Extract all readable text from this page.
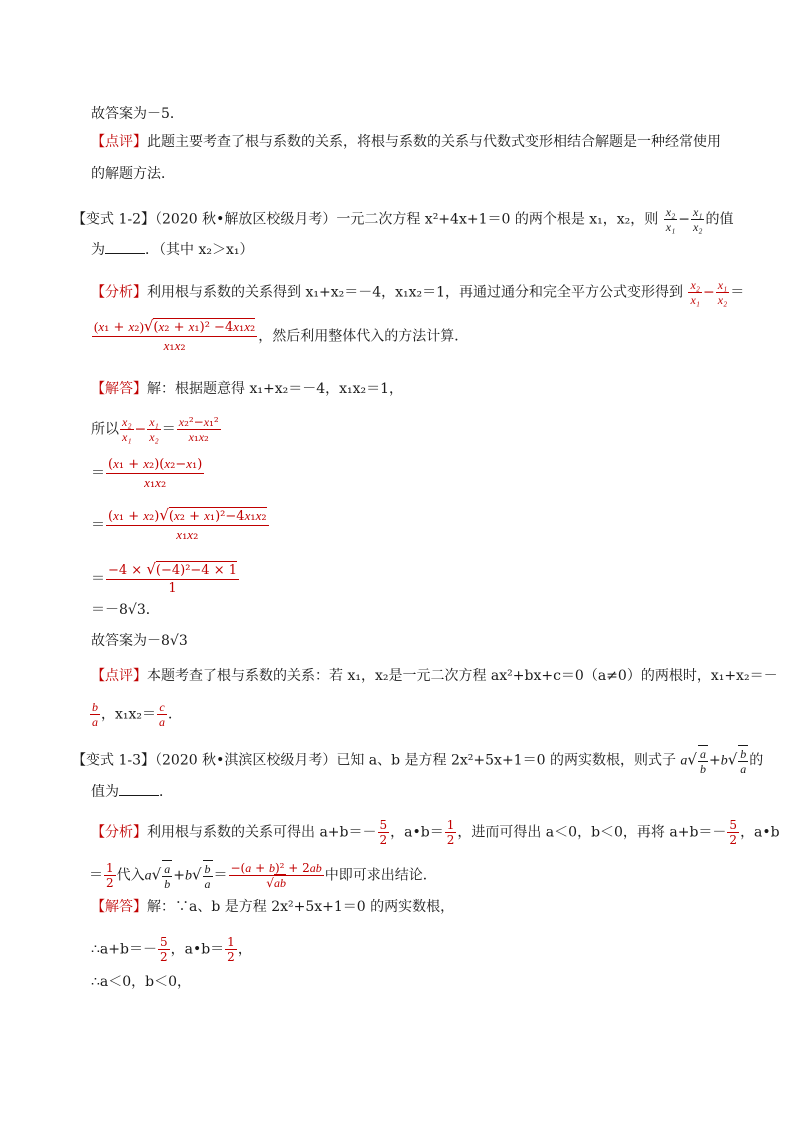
故答案为－5．
【点评】此题主要考查了根与系数的关系，将根与系数的关系与代数式变形相结合解题是一种经常使用
的解题方法．
【变式 1-2】（2020 秋•解放区校级月考）一元二次方程 x²+4x+1＝0 的两个根是 x₁，x₂，则 $\frac{\text{x₂}}{\text{x₁}} - \frac{\text{x₁}}{\text{x₂}}$ 的值
为	．（其中 x₂＞x₁）
【分析】利用根与系数的关系得到 x₁+x₂＝－4，x₁x₂＝1，再通过通分和完全平方公式变形得到 $\frac{\text{x₂}}{\text{x₁}} - \frac{\text{x₁}}{\text{x₂}}$ ＝
$\frac{\text{(x₁ + x₂)√(x₂ + x₁)² −4x₁x₂}}{\text{x₁x₂}}$ ，然后利用整体代入的方法计算．
【解答】解：根据题意得 x₁+x₂＝－4，x₁x₂＝1，
所以 $\frac{\text{x₂}}{\text{x₁}} - \frac{\text{x₁}}{\text{x₂}} = \frac{\text{x₂²−x₁²}}{\text{x₁x₂}}$
＝ $\frac{\text{(x₁ + x₂)(x₂−x₁)}}{\text{x₁x₂}}$
＝ $\frac{\text{(x₁ + x₂)√(x₂ + x₁)²−4x₁x₂}}{\text{x₁x₂}}$
＝ $\frac{\text{−4 × √(−4)²−4 × 1}}{1}$
＝－8√3．
故答案为－8√3
【点评】本题考查了根与系数的关系：若 x₁，x₂是一元二次方程 ax²+bx+c＝0（a≠0）的两根时，x₁+x₂＝－
$\frac{b}{a}$ ，$x_1x_2= \frac{c}{a}$ ．
【变式 1-3】（2020 秋•淇滨区校级月考）已知 a、b 是方程 2x²+5x+1＝0 的两实数根，则式子 $a√ \frac{a}{b} +b√ \frac{b}{a}$ 的
值为	．
【分析】利用根与系数的关系可得出 $a+b=- \frac{5}{2}$ ，a•b＝ $\frac{1}{2}$ ，进而可得出 a＜0，b＜0，再将 $a+b=- \frac{5}{2}$ ，a•b
＝ $\frac{1}{2}$ 代入$a√ \frac{a}{b} +b√ \frac{b}{a} = \frac{\text{−(a + b)² + 2ab}}{√ab}$ 中即可求出结论．
【解答】解：∵a、b 是方程 2x²+5x+1＝0 的两实数根，
∴a+b＝－ $\frac{5}{2}$ ，a•b＝ $\frac{1}{2}$ ，
∴a＜0，b＜0，
